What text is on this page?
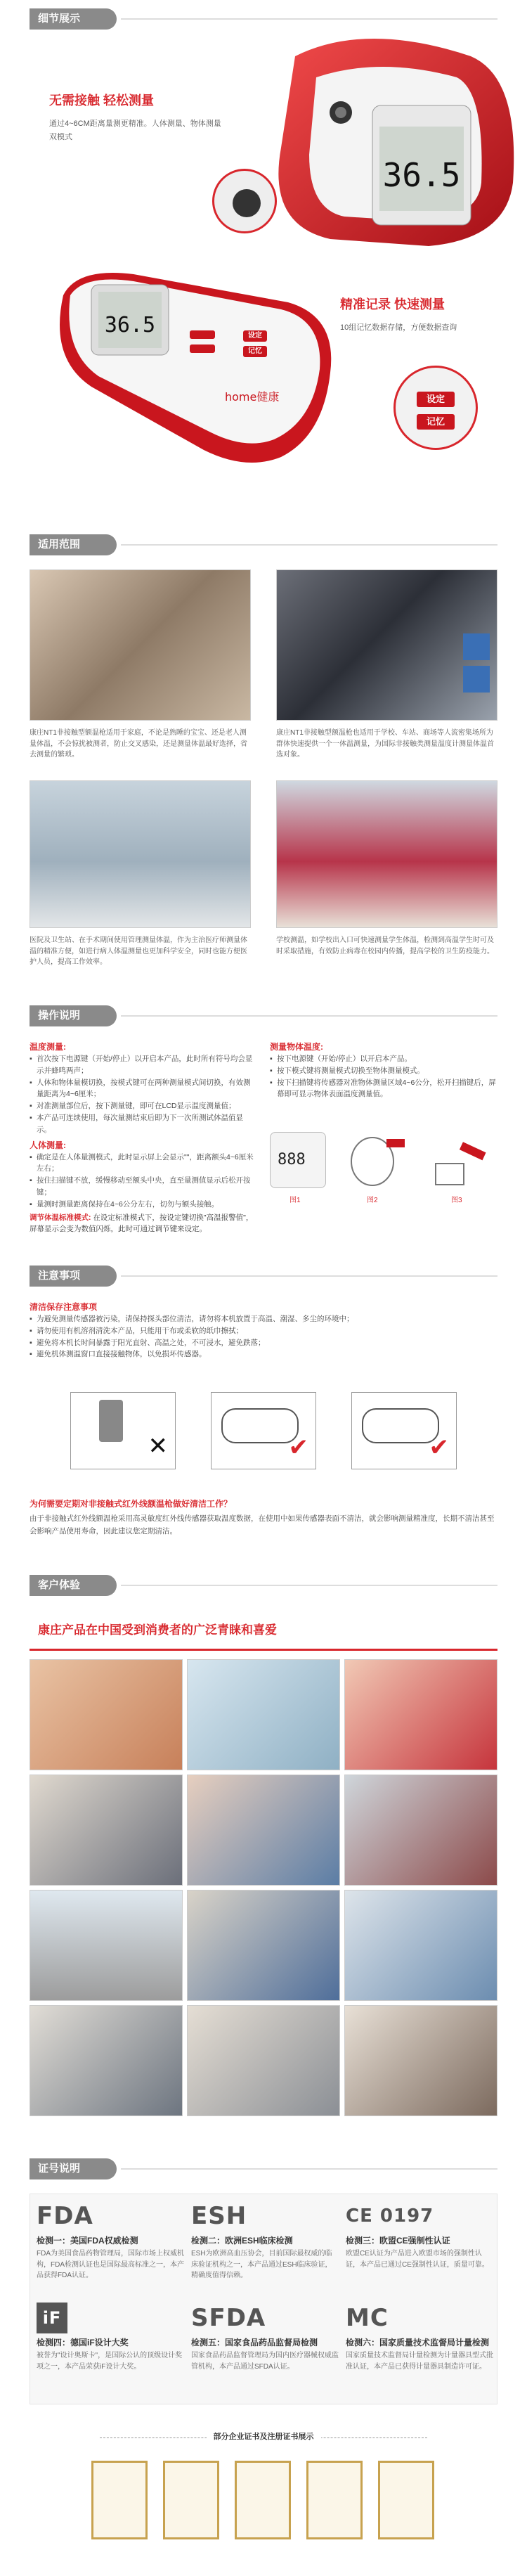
细节展示
无需接触 轻松测量
通过4~6CM距离量测更精准。人体测量、物体测量双模式
36.5
36.5
home健康
设定
记忆
精准记录 快速测量
10组记忆数据存储，方便数据查询
设定
记忆
适用范围
康庄NT1非接触型额温枪适用于家庭，不论是熟睡的宝宝、还是老人测量体温，不会惊扰被测者，防止交叉感染，还是测量体温最好选择，省去测量的繁琐。
康庄NT1非接触型额温枪也适用于学校、车站、商场等人流密集场所为群体快速提供一个一体温测量，为国际非接触类测量温度计测量体温首选对象。
医院及卫生站、在手术期间使用管理测量体温，作为主治医疗师测量体温的精准方便，如进行病人体温测量也更加科学安全，同时也能方便医护人员，提高工作效率。
学校测温，如学校出入口可快速测量学生体温，检测到高温学生时可及时采取措施，有效防止病毒在校园内传播，提高学校的卫生防疫能力。
操作说明
温度测量:
▪ 首次按下电源键（开始/停止）以开启本产品，此时所有符号均会显示并蜂鸣两声；
▪ 人体和物体量模切换，按模式键可在两种测量模式间切换，有效测量距离为4~6厘米；
▪ 对准测量部位后，按下测量键，即可在LCD显示温度测量值；
▪ 本产品可连续使用，每次量测结束后即为下一次所测试体温值显示。
人体测量:
▪ 确定是在人体量测模式，此时显示屏上会显示""，距离额头4~6厘米左右；
▪ 按住扫描键不放，缓慢移动至额头中央，直至量测值显示后松开按键；
▪ 量测时测量距离保持在4~6公分左右，切勿与额头接触。
调节体温标准模式: 在设定标准模式下，按设定键切换"高温报警值"，屏幕显示会变为数值闪烁，此时可通过调节键来设定。
测量物体温度:
▪ 按下电源键（开始/停止）以开启本产品。
▪ 按下模式键将测量模式切换至物体测量模式。
▪ 按下扫描键将传感器对准物体测量区域4~6公分，松开扫描键后，屏幕即可显示物体表面温度测量值。
888
图1	图2	图3
注意事项
清洁保存注意事项
▪ 为避免测量传感器被污染，请保持探头部位清洁，请勿将本机放置于高温、潮湿、多尘的环境中；
▪ 请勿使用有机溶剂清洗本产品，只能用干布或柔软的纸巾擦拭；
▪ 避免将本机长时间暴露于阳光直射、高温之处，不可浸水，避免跌落；
▪ 避免机体测温窗口直接接触物体，以免损坏传感器。
✕	✔	✔
为何需要定期对非接触式红外线额温枪做好清洁工作？
由于非接触式红外线额温枪采用高灵敏度红外线传感器获取温度数据，在使用中如果传感器表面不清洁，就会影响测量精准度，长期不清洁甚至会影响产品使用寿命，因此建议您定期清洁。
客户体验
康庄产品在中国受到消费者的广泛青睐和喜爱
证号说明
FDA
检测一：美国FDA权威检测
FDA为美国食品药物管理局，国际市场上权威机构，FDA检测认证也是国际最高标准之一，本产品获得FDA认证。
ESH
检测二：欧洲ESH临床检测
ESH为欧洲高血压协会，目前国际最权威的临床验证机构之一，本产品通过ESH临床验证，精确度值得信赖。
CE 0197
检测三：欧盟CE强制性认证
欧盟CE认证为产品进入欧盟市场的强制性认证，本产品已通过CE强制性认证，质量可靠。
iF
检测四：德国iF设计大奖
被誉为"设计奥斯卡"，是国际公认的顶级设计奖项之一，本产品荣获iF设计大奖。
SFDA
检测五：国家食品药品监督局检测
国家食品药品监督管理局为国内医疗器械权威监管机构，本产品通过SFDA认证。
MC
检测六：国家质量技术监督局计量检测
国家质量技术监督局计量检测为计量器具型式批准认证，本产品已获得计量器具制造许可证。
部分企业证书及注册证书展示
